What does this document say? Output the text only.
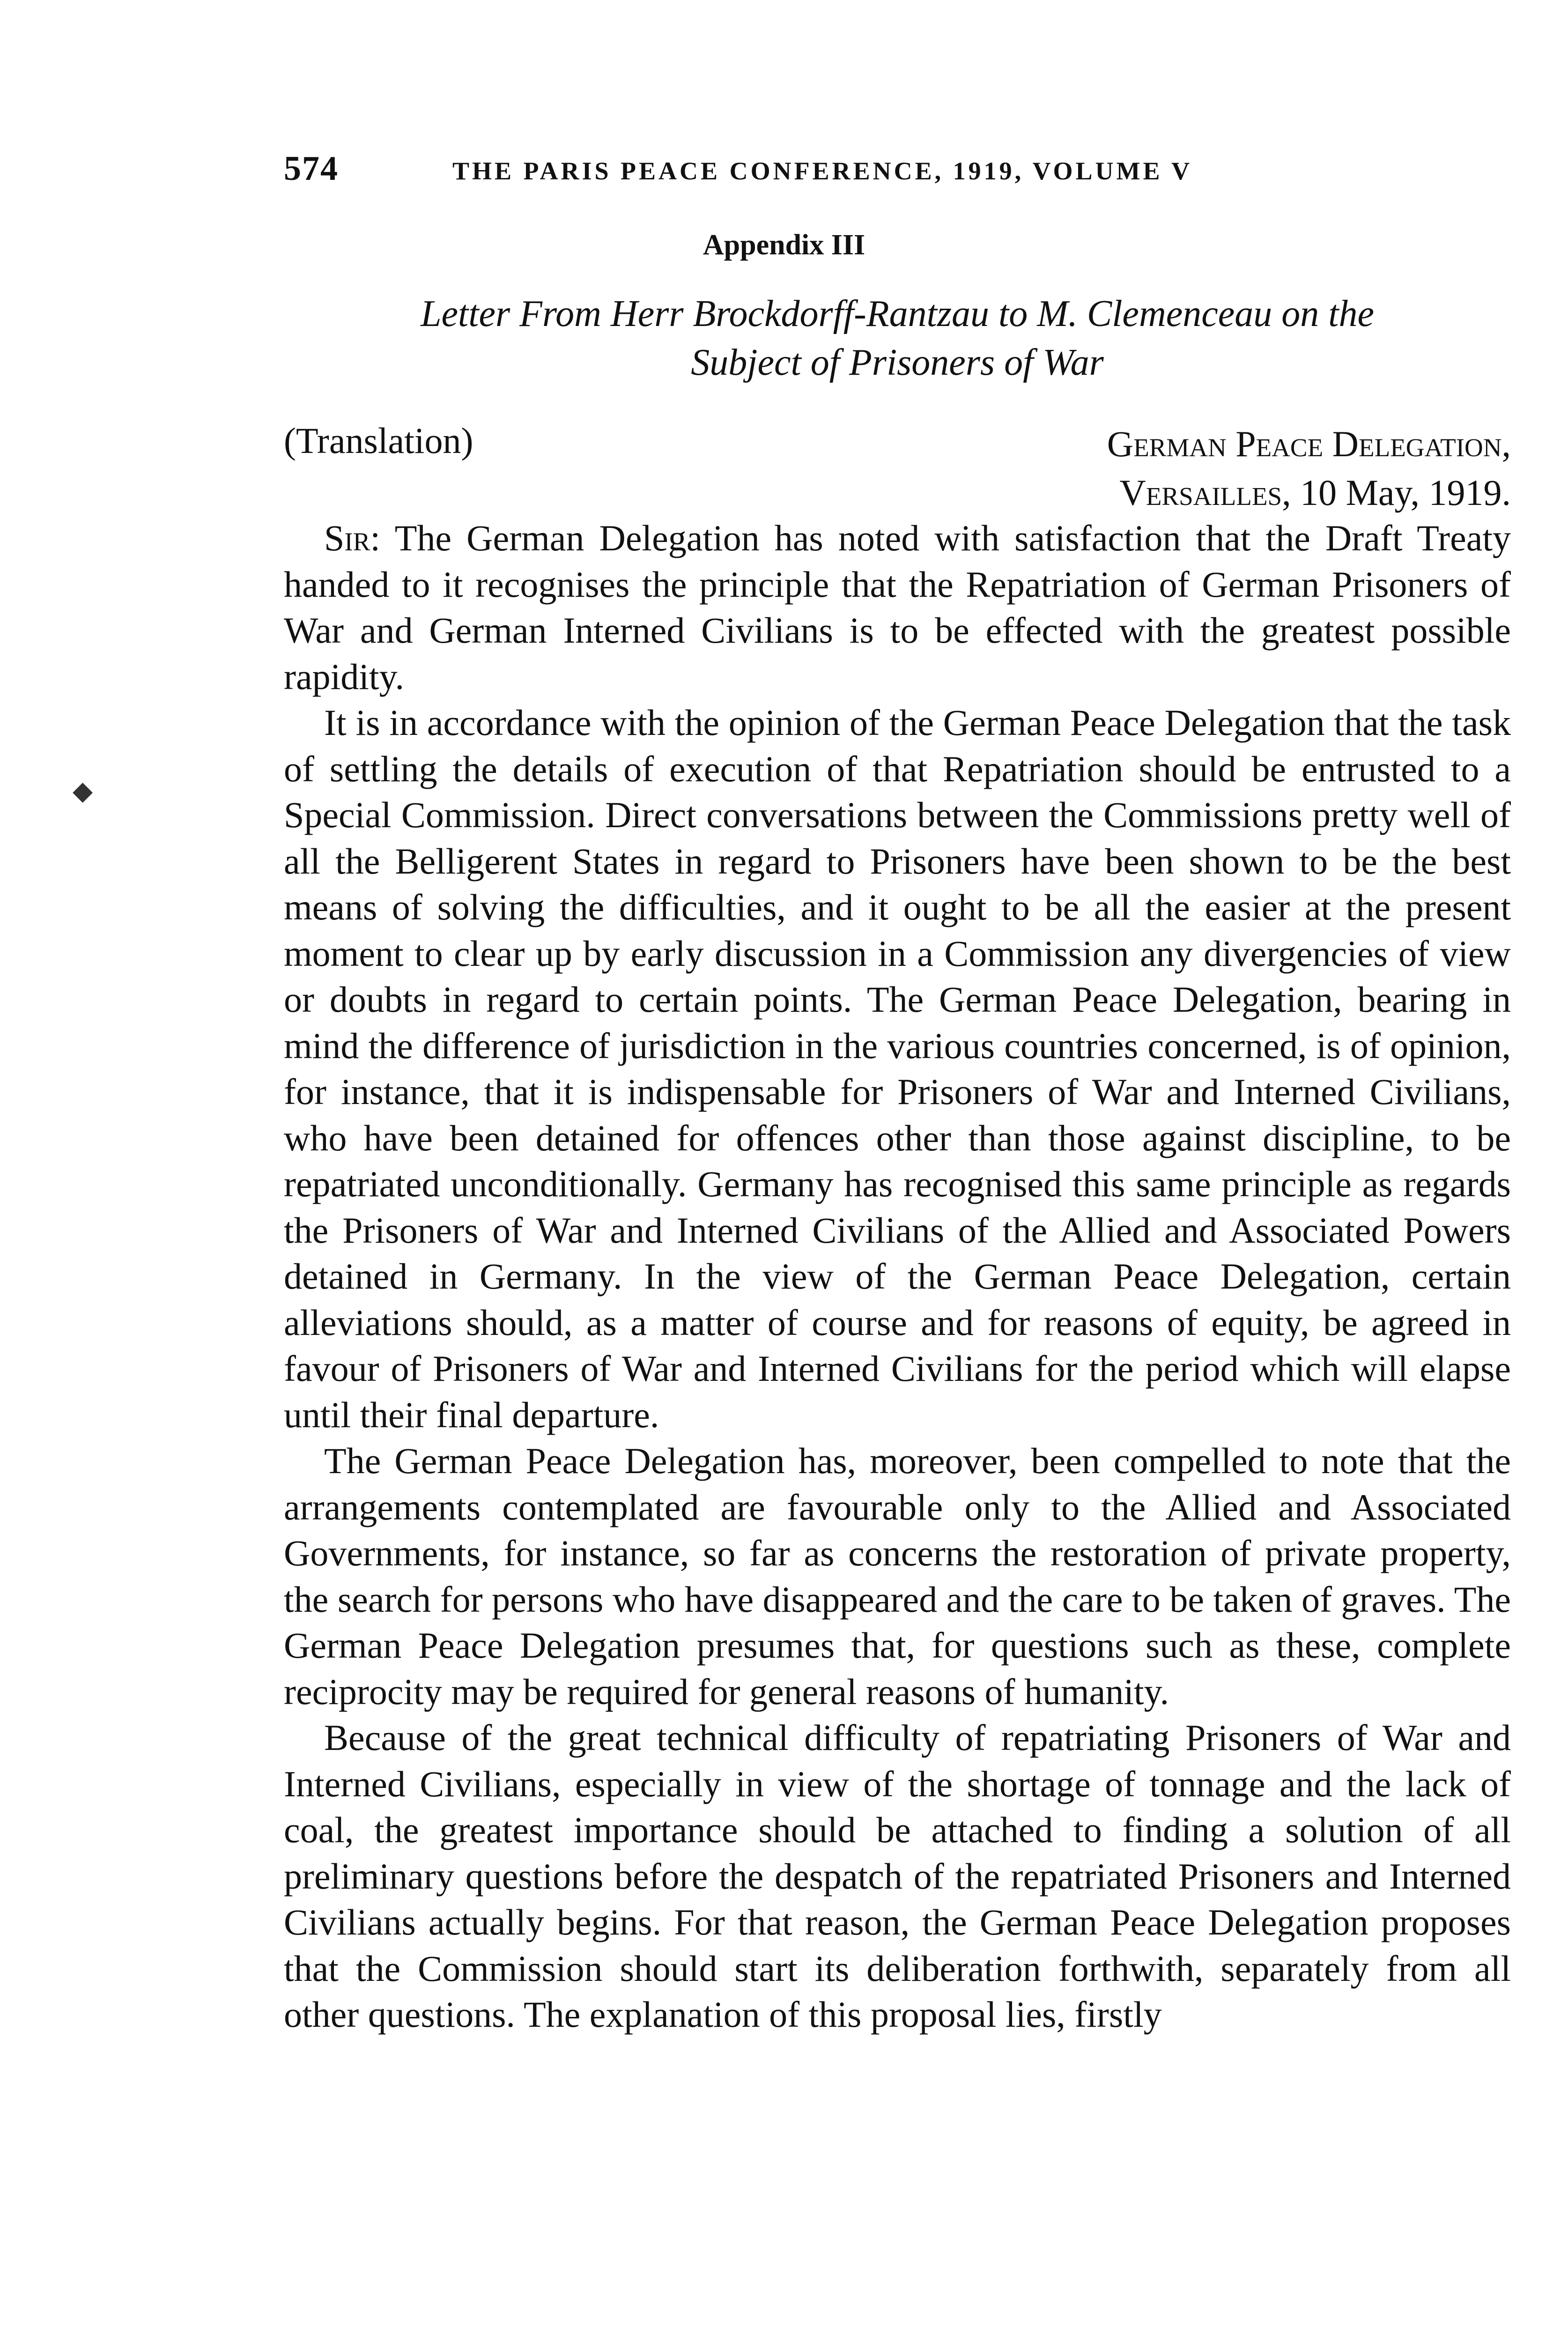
574	THE PARIS PEACE CONFERENCE, 1919, VOLUME V
Appendix III
Letter From Herr Brockdorff-Rantzau to M. Clemenceau on the
Subject of Prisoners of War
(Translation)	German Peace Delegation,
Versailles, 10 May, 1919.
◆

Sir: The German Delegation has noted with satisfaction that the Draft Treaty handed to it recognises the principle that the Repatriation of German Prisoners of War and German Interned Civilians is to be effected with the greatest possible rapidity.

It is in accordance with the opinion of the German Peace Delegation that the task of settling the details of execution of that Repatriation should be entrusted to a Special Commission. Direct conversations between the Commissions pretty well of all the Belligerent States in regard to Prisoners have been shown to be the best means of solving the difficulties, and it ought to be all the easier at the present moment to clear up by early discussion in a Commission any divergencies of view or doubts in regard to certain points. The German Peace Delegation, bearing in mind the difference of jurisdiction in the various countries concerned, is of opinion, for instance, that it is indispensable for Prisoners of War and Interned Civilians, who have been detained for offences other than those against discipline, to be repatriated unconditionally. Germany has recognised this same principle as regards the Prisoners of War and Interned Civilians of the Allied and Associated Powers detained in Germany. In the view of the German Peace Delegation, certain alleviations should, as a matter of course and for reasons of equity, be agreed in favour of Prisoners of War and Interned Civilians for the period which will elapse until their final departure.

The German Peace Delegation has, moreover, been compelled to note that the arrangements contemplated are favourable only to the Allied and Associated Governments, for instance, so far as concerns the restoration of private property, the search for persons who have disappeared and the care to be taken of graves. The German Peace Delegation presumes that, for questions such as these, complete reciprocity may be required for general reasons of humanity.

Because of the great technical difficulty of repatriating Prisoners of War and Interned Civilians, especially in view of the shortage of tonnage and the lack of coal, the greatest importance should be attached to finding a solution of all preliminary questions before the despatch of the repatriated Prisoners and Interned Civilians actually begins. For that reason, the German Peace Delegation proposes that the Commission should start its deliberation forthwith, separately from all other questions. The explanation of this proposal lies, firstly
